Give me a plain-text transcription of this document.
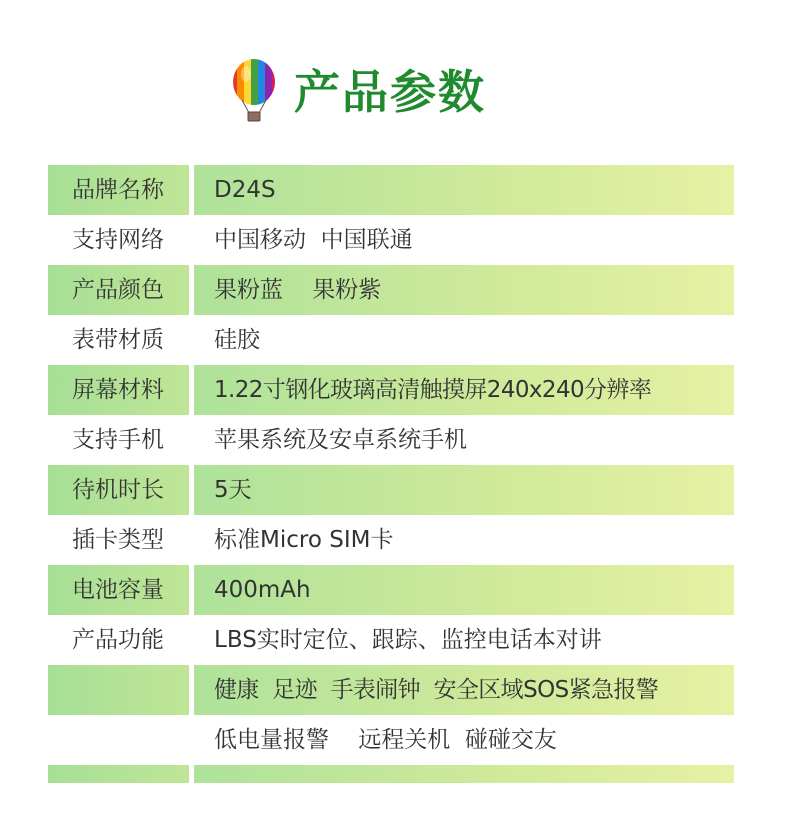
产品参数
品牌名称	D24S
支持网络	中国移动  中国联通
产品颜色	果粉蓝    果粉紫
表带材质	硅胶
屏幕材料	1.22寸钢化玻璃高清触摸屏240x240分辨率
支持手机	苹果系统及安卓系统手机
待机时长	5天
插卡类型	标准Micro SIM卡
电池容量	400mAh
产品功能	LBS实时定位、跟踪、监控电话本对讲
健康  足迹  手表闹钟  安全区域SOS紧急报警
低电量报警    远程关机  碰碰交友
